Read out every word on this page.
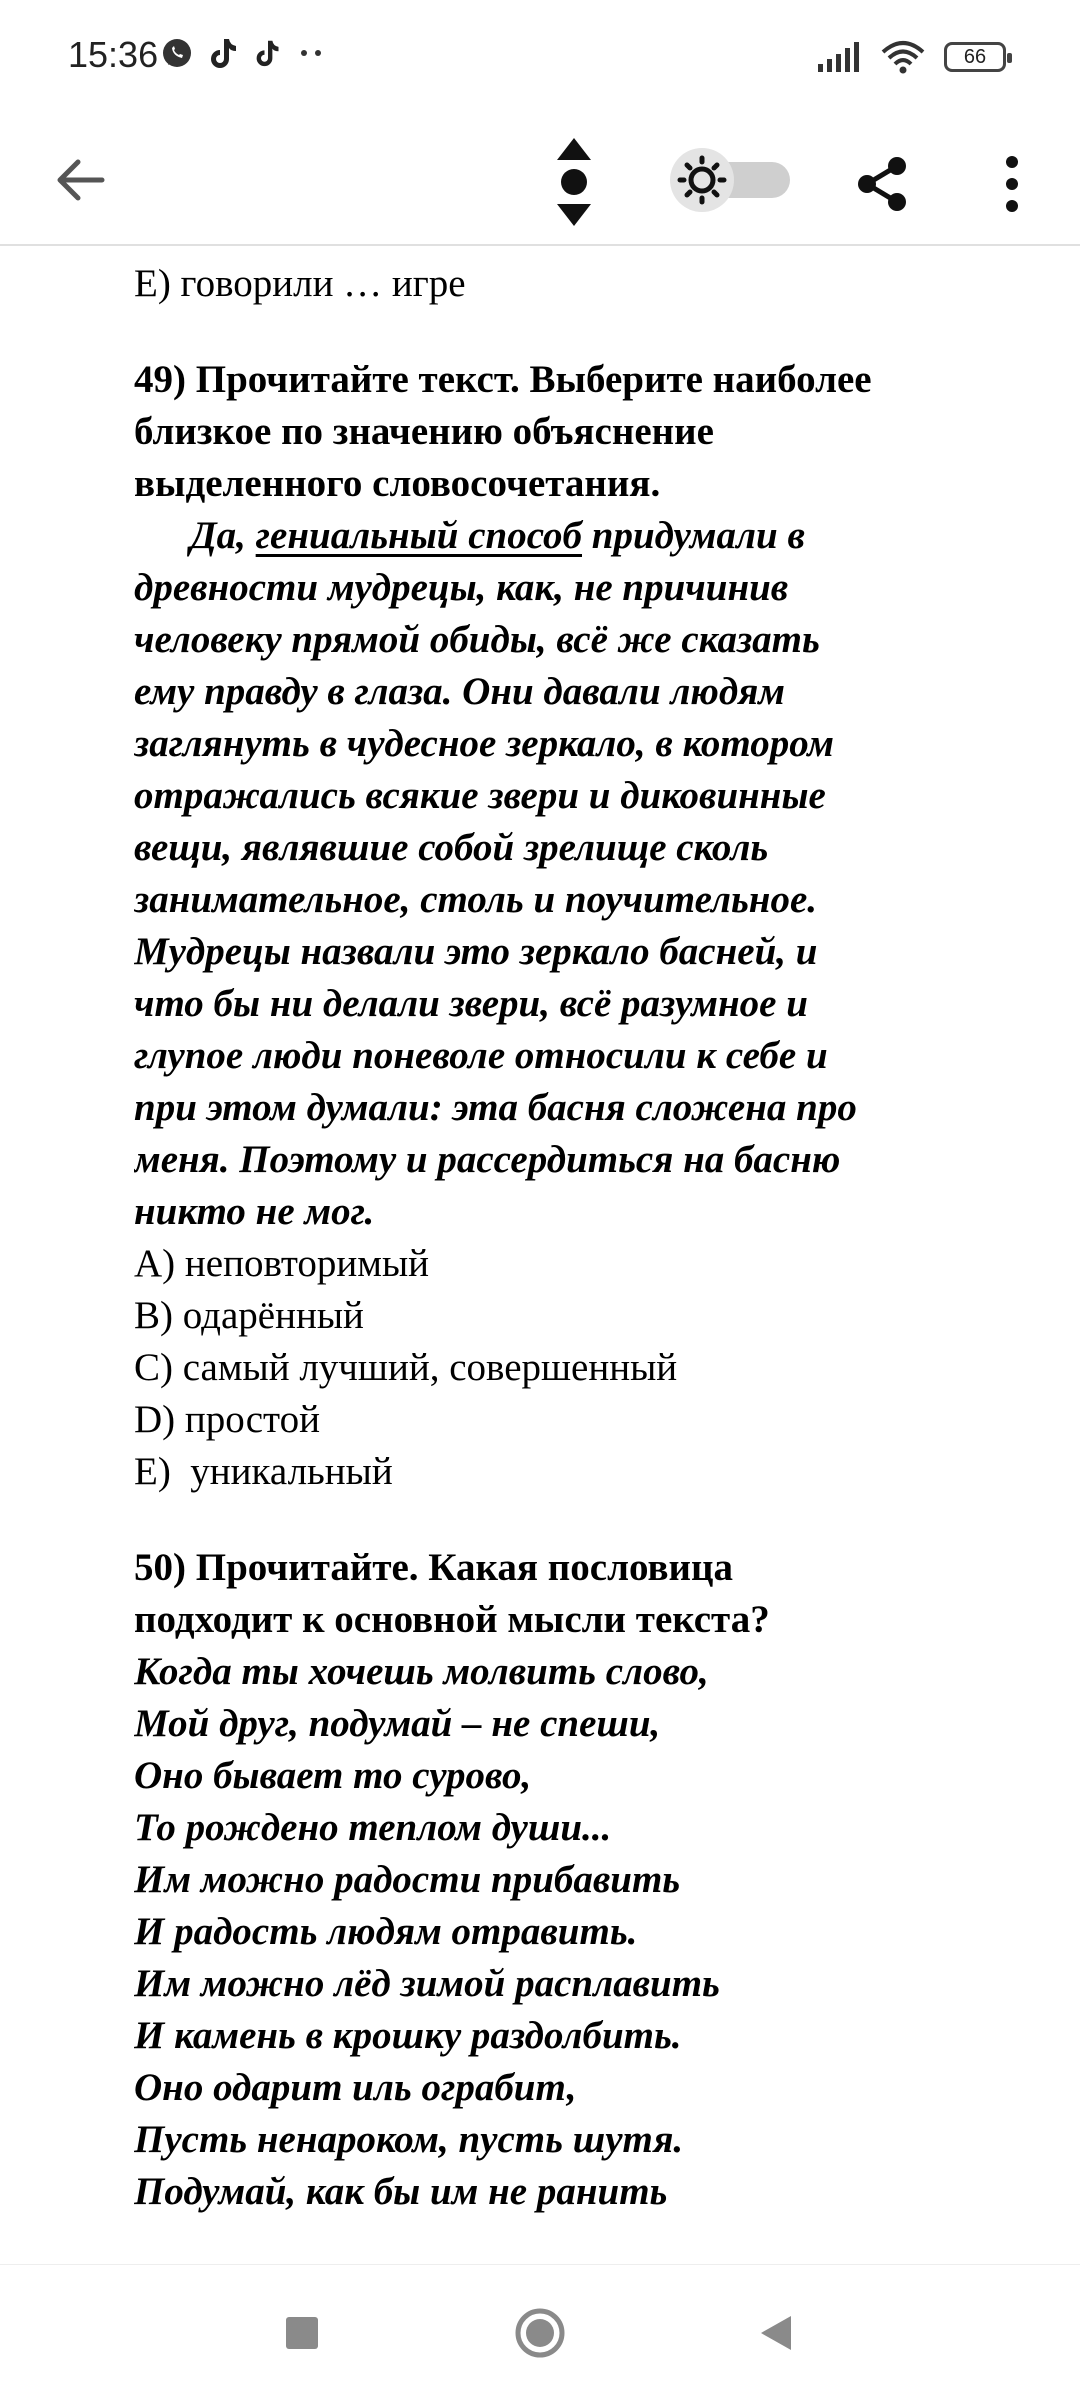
15:36	66

E) говорили … игре
49) Прочитайте текст. Выберите наиболее
близкое по значению объяснение
выделенного словосочетания.
Да, гениальный способ придумали в
древности мудрецы, как, не причинив
человеку прямой обиды, всё же сказать
ему правду в глаза. Они давали людям
заглянуть в чудесное зеркало, в котором
отражались всякие звери и диковинные
вещи, являвшие собой зрелище сколь
занимательное, столь и поучительное.
Мудрецы назвали это зеркало басней, и
что бы ни делали звери, всё разумное и
глупое люди поневоле относили к себе и
при этом думали: эта басня сложена про
меня. Поэтому и рассердиться на басню
никто не мог.
A) неповторимый
B) одарённый
C) самый лучший, совершенный
D) простой
E)  уникальный
50) Прочитайте. Какая пословица
подходит к основной мысли текста?
Когда ты хочешь молвить слово,
Мой друг, подумай – не спеши,
Оно бывает то сурово,
То рождено теплом души...
Им можно радости прибавить
И радость людям отравить.
Им можно лёд зимой расплавить
И камень в крошку раздолбить.
Оно одарит иль ограбит,
Пусть ненароком, пусть шутя.
Подумай, как бы им не ранить
